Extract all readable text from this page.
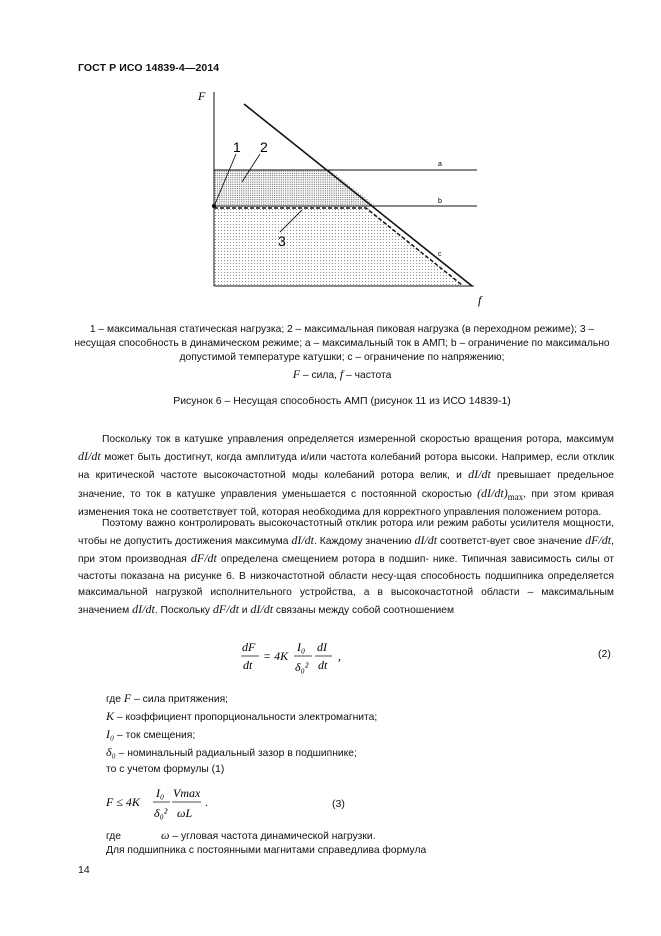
ГОСТ Р ИСО 14839-4—2014
F
f
a
b
c
1 2
3
1 – максимальная статическая нагрузка; 2 – максимальная пиковая нагрузка (в переходном режиме); 3 – несущая способность в динамическом режиме; a – максимальный ток в АМП; b – ограничение по максимально допустимой температуре катушки; c – ограничение по напряжению;
F – сила, f – частота
Рисунок 6 – Несущая способность АМП (рисунок 11 из ИСО 14839-1)
Поскольку ток в катушке управления определяется измеренной скоростью вращения ротора, максимум dI/dt может быть достигнут, когда амплитуда и/или частота колебаний ротора высоки. Например, если отклик на критической частоте высокочастотной моды колебаний ротора велик, и dI/dt превышает предельное значение, то ток в катушке управления уменьшается с постоянной скоростью $(dI/dt)_{max}$, при этом кривая изменения тока не соответствует той, которая необходима для корректного управления положением ротора.
Поэтому важно контролировать высокочастотный отклик ротора или режим работы усилителя мощности, чтобы не допустить достижения максимума dI/dt. Каждому значению dI/dt соответст-вует свое значение dF/dt, при этом производная dF/dt определена смещением ротора в подшип- нике. Типичная зависимость силы от частоты показана на рисунке 6. В низкочастотной области несу-щая способность подшипника определяется максимальной нагрузкой исполнительного устройства, а в высокочастотной области – максимальным значением dI/dt. Поскольку dF/dt и dI/dt связаны между собой соотношением
dF
dt
= 4K
I₀
δ₀²
dI
dt
,	(2)
где F – сила притяжения;
K – коэффициент пропорциональности электромагнита;
I₀ – ток смещения;
δ₀ – номинальный радиальный зазор в подшипнике;
то с учетом формулы (1)
F ≤ 4K
I₀
δ₀²
Vmax
ωL
.	(3)
где	ω – угловая частота динамической нагрузки.
Для подшипника с постоянными магнитами справедлива формула
14
